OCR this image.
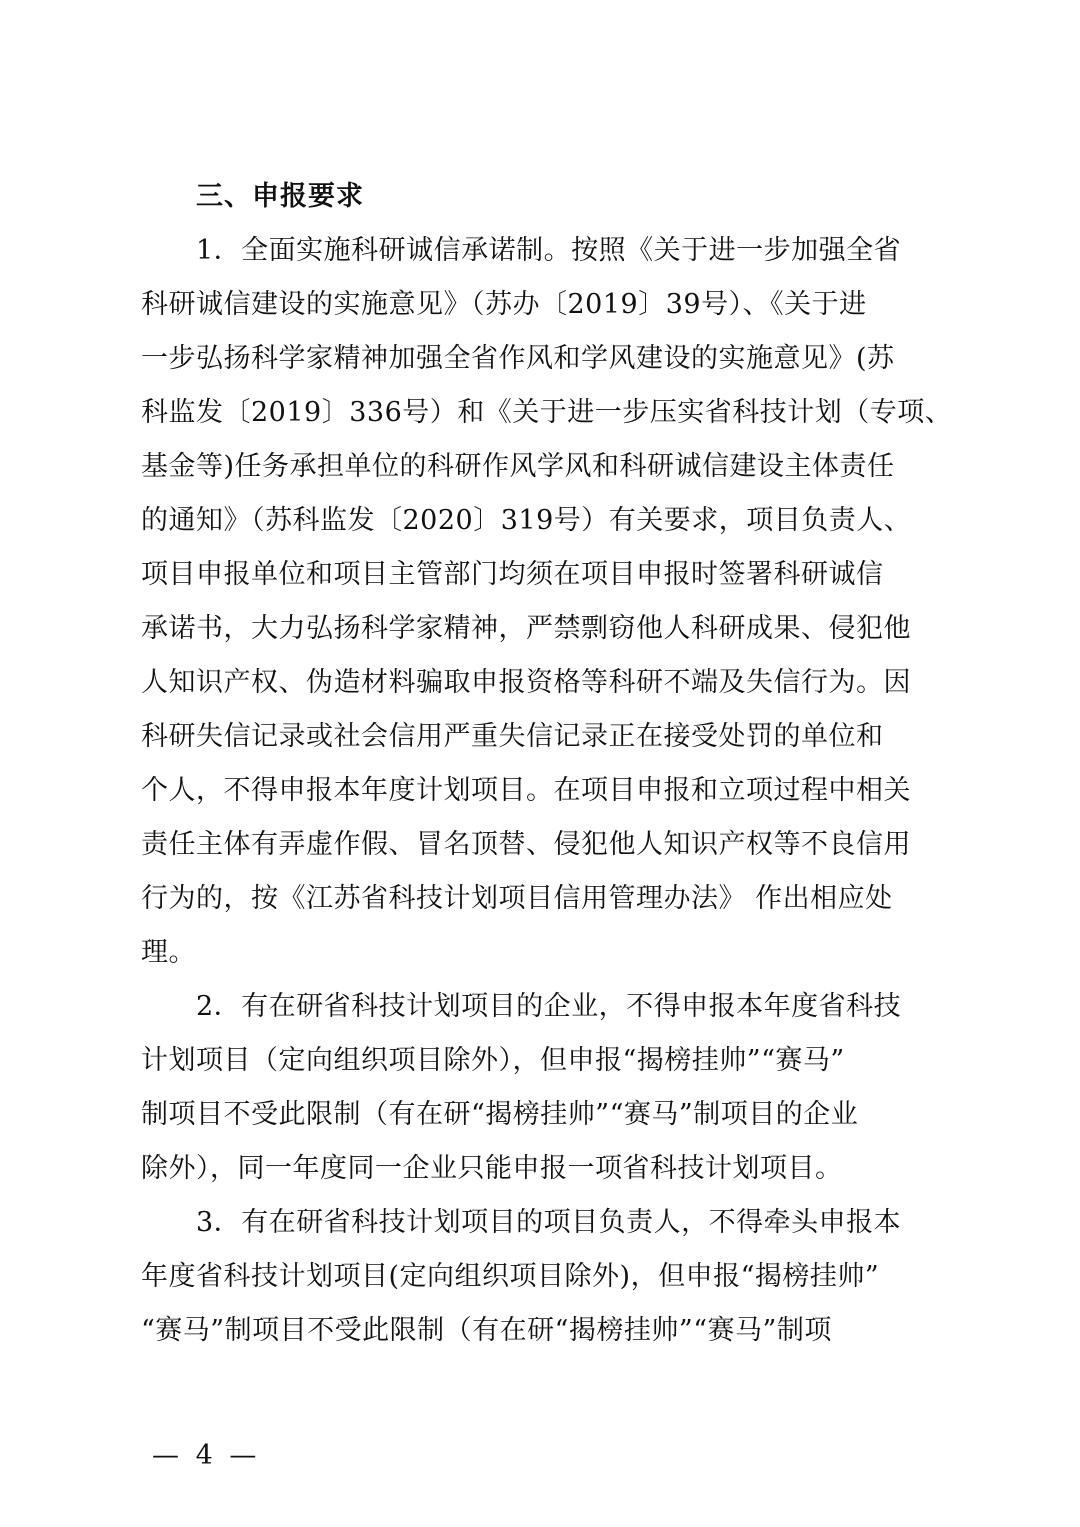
三、申报要求

1．全面实施科研诚信承诺制。按照《关于进一步加强全省

科研诚信建设的实施意见》（苏办〔2019〕39号）、《关于进

一步弘扬科学家精神加强全省作风和学风建设的实施意见》(苏

科监发〔2019〕336号）和《关于进一步压实省科技计划（专项、

基金等)任务承担单位的科研作风学风和科研诚信建设主体责任

的通知》（苏科监发〔2020〕319号）有关要求，项目负责人、

项目申报单位和项目主管部门均须在项目申报时签署科研诚信

承诺书，大力弘扬科学家精神，严禁剽窃他人科研成果、侵犯他

人知识产权、伪造材料骗取申报资格等科研不端及失信行为。因

科研失信记录或社会信用严重失信记录正在接受处罚的单位和

个人，不得申报本年度计划项目。在项目申报和立项过程中相关

责任主体有弄虚作假、冒名顶替、侵犯他人知识产权等不良信用

行为的，按《江苏省科技计划项目信用管理办法》 作出相应处

理。

2．有在研省科技计划项目的企业，不得申报本年度省科技

计划项目（定向组织项目除外），但申报“揭榜挂帅”“赛马”

制项目不受此限制（有在研“揭榜挂帅”“赛马”制项目的企业

除外），同一年度同一企业只能申报一项省科技计划项目。

3．有在研省科技计划项目的项目负责人，不得牵头申报本

年度省科技计划项目(定向组织项目除外)，但申报“揭榜挂帅”

“赛马”制项目不受此限制（有在研“揭榜挂帅”“赛马”制项

— 4 —
